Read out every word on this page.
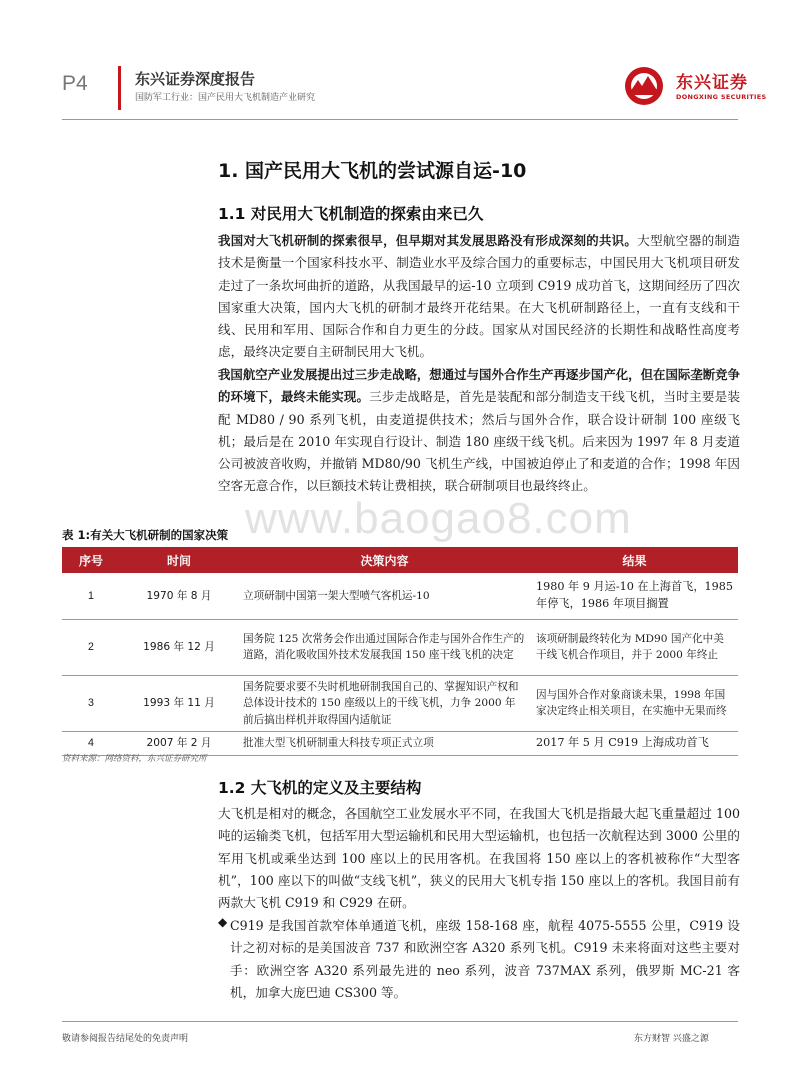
P4	东兴证券深度报告
国防军工行业：国产民用大飞机制造产业研究
东兴证券
DONGXING SECURITIES
1. 国产民用大飞机的尝试源自运-10
1.1 对民用大飞机制造的探索由来已久
我国对大飞机研制的探索很早，但早期对其发展思路没有形成深刻的共识。大型航空器的制造技术是衡量一个国家科技水平、制造业水平及综合国力的重要标志，中国民用大飞机项目研发走过了一条坎坷曲折的道路，从我国最早的运-10 立项到 C919 成功首飞，这期间经历了四次国家重大决策，国内大飞机的研制才最终开花结果。在大飞机研制路径上，一直有支线和干线、民用和军用、国际合作和自力更生的分歧。国家从对国民经济的长期性和战略性高度考虑，最终决定要自主研制民用大飞机。
我国航空产业发展提出过三步走战略，想通过与国外合作生产再逐步国产化，但在国际垄断竞争的环境下，最终未能实现。三步走战略是，首先是装配和部分制造支干线飞机，当时主要是装配 MD80 / 90 系列飞机，由麦道提供技术；然后与国外合作，联合设计研制 100 座级飞机；最后是在 2010 年实现自行设计、制造 180 座级干线飞机。后来因为 1997 年 8 月麦道公司被波音收购，并撤销 MD80/90 飞机生产线，中国被迫停止了和麦道的合作；1998 年因空客无意合作，以巨额技术转让费相挟，联合研制项目也最终终止。
表 1:有关大飞机研制的国家决策
序号	时间	决策内容	结果
1	1970 年 8 月	立项研制中国第一架大型喷气客机运-10	1980 年 9 月运-10 在上海首飞，1985 年停飞，1986 年项目搁置
2	1986 年 12 月	国务院 125 次常务会作出通过国际合作走与国外合作生产的道路，消化吸收国外技术发展我国 150 座干线飞机的决定	该项研制最终转化为 MD90 国产化中美干线飞机合作项目，并于 2000 年终止
3	1993 年 11 月	国务院要求要不失时机地研制我国自己的、掌握知识产权和总体设计技术的 150 座级以上的干线飞机，力争 2000 年前后搞出样机并取得国内适航证	因与国外合作对象商谈未果，1998 年国家决定终止相关项目，在实施中无果而终
4	2007 年 2 月	批准大型飞机研制重大科技专项正式立项	2017 年 5 月 C919 上海成功首飞
资料来源：网络资料，东兴证券研究所
www.baogao8.com
1.2 大飞机的定义及主要结构
大飞机是相对的概念，各国航空工业发展水平不同，在我国大飞机是指最大起飞重量超过 100 吨的运输类飞机，包括军用大型运输机和民用大型运输机，也包括一次航程达到 3000 公里的军用飞机或乘坐达到 100 座以上的民用客机。在我国将 150 座以上的客机被称作“大型客机”，100 座以下的叫做“支线飞机”，狭义的民用大飞机专指 150 座以上的客机。我国目前有两款大飞机 C919 和 C929 在研。
◆ C919 是我国首款窄体单通道飞机，座级 158-168 座，航程 4075-5555 公里，C919 设计之初对标的是美国波音 737 和欧洲空客 A320 系列飞机。C919 未来将面对这些主要对手：欧洲空客 A320 系列最先进的 neo 系列，波音 737MAX 系列，俄罗斯 MC-21 客机，加拿大庞巴迪 CS300 等。
敬请参阅报告结尾处的免责声明	东方财智 兴盛之源
